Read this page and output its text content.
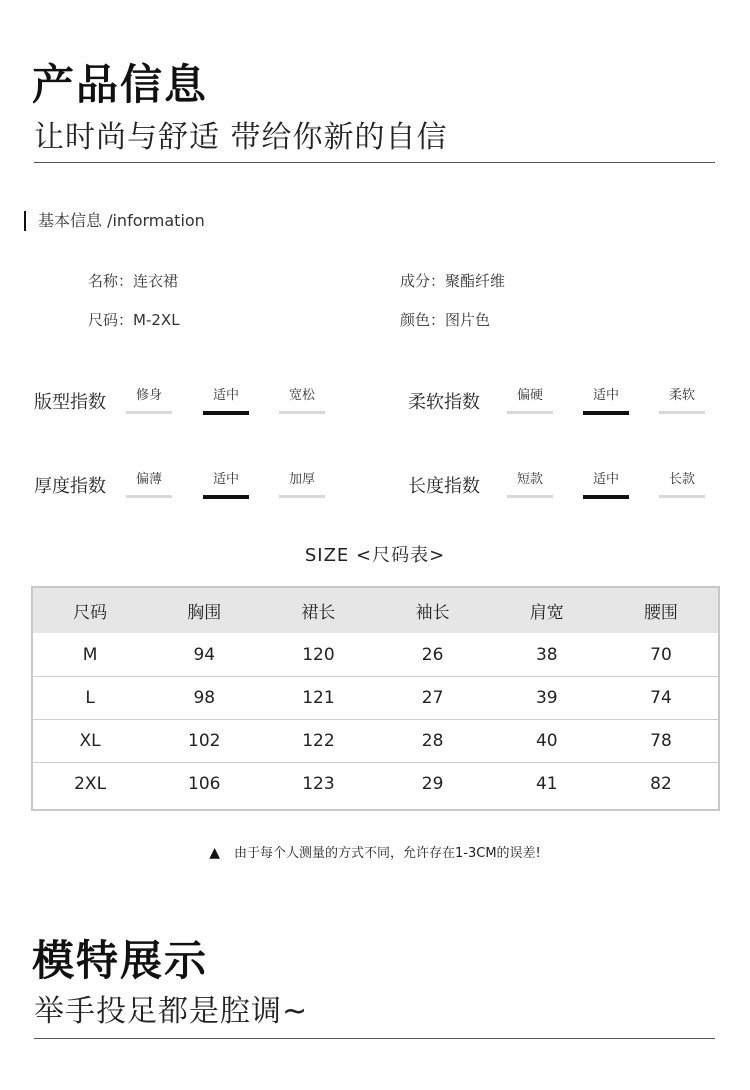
产品信息
让时尚与舒适 带给你新的自信
基本信息 /information
名称：连衣裙	成分：聚酯纤维
尺码：M-2XL	颜色：图片色
版型指数	修身	适中	宽松	柔软指数	偏硬	适中	柔软
厚度指数	偏薄	适中	加厚	长度指数	短款	适中	长款
SIZE <尺码表>
尺码	胸围	裙长	袖长	肩宽	腰围
M	94	120	26	38	70
L	98	121	27	39	74
XL	102	122	28	40	78
2XL	106	123	29	41	82
▲ 由于每个人测量的方式不同，允许存在1-3CM的误差!
模特展示
举手投足都是腔调~
